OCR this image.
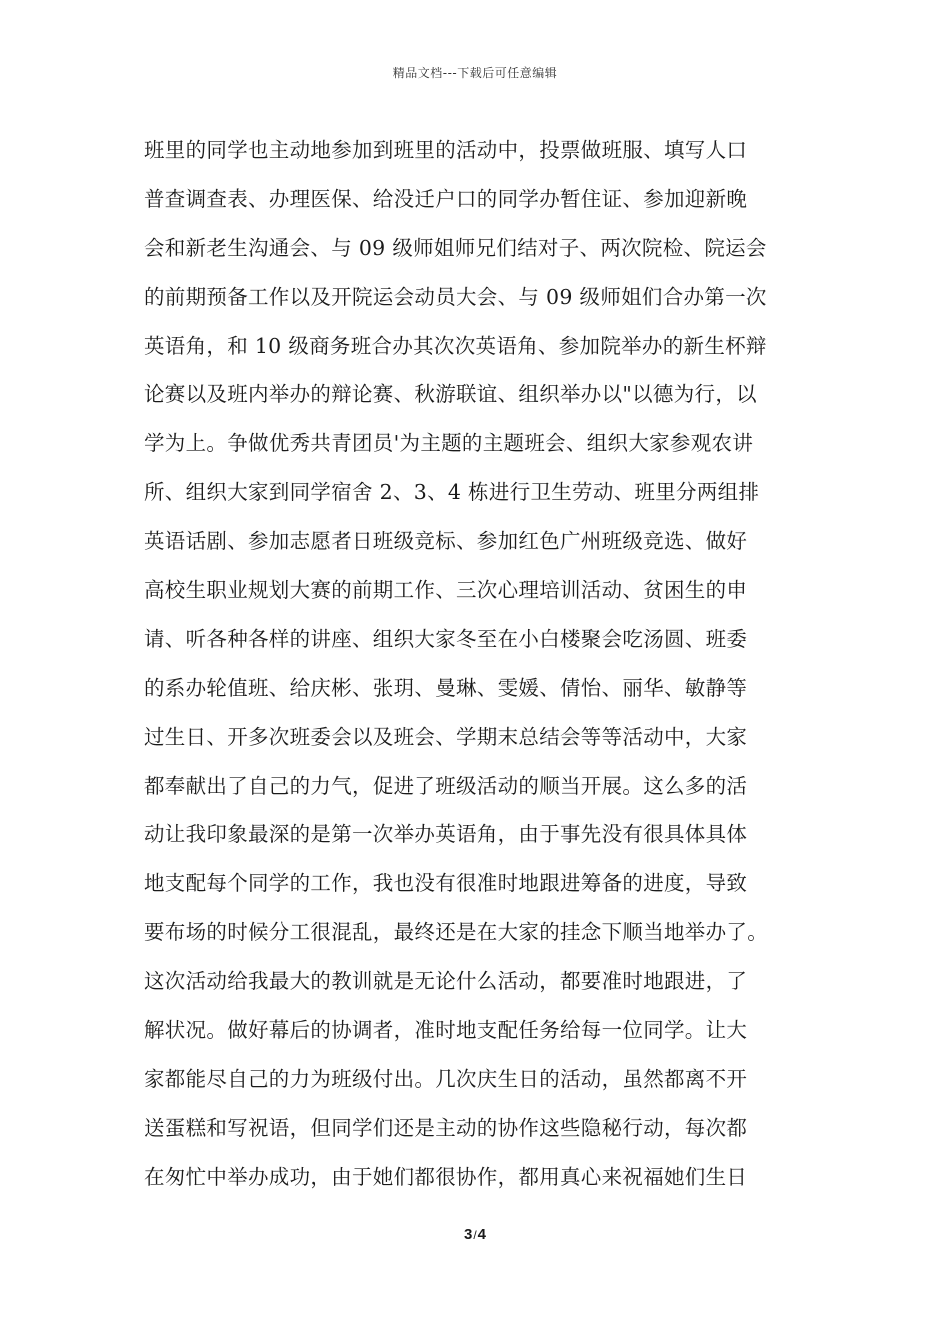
精品文档---下载后可任意编辑
班里的同学也主动地参加到班里的活动中，投票做班服、填写人口
普查调查表、办理医保、给没迁户口的同学办暂住证、参加迎新晚
会和新老生沟通会、与 09 级师姐师兄们结对子、两次院检、院运会
的前期预备工作以及开院运会动员大会、与 09 级师姐们合办第一次
英语角，和 10 级商务班合办其次次英语角、参加院举办的新生杯辩
论赛以及班内举办的辩论赛、秋游联谊、组织举办以"以德为行，以
学为上。争做优秀共青团员'为主题的主题班会、组织大家参观农讲
所、组织大家到同学宿舍 2、3、4 栋进行卫生劳动、班里分两组排
英语话剧、参加志愿者日班级竞标、参加红色广州班级竞选、做好
高校生职业规划大赛的前期工作、三次心理培训活动、贫困生的申
请、听各种各样的讲座、组织大家冬至在小白楼聚会吃汤圆、班委
的系办轮值班、给庆彬、张玥、曼琳、雯媛、倩怡、丽华、敏静等
过生日、开多次班委会以及班会、学期末总结会等等活动中，大家
都奉献出了自己的力气，促进了班级活动的顺当开展。这么多的活
动让我印象最深的是第一次举办英语角，由于事先没有很具体具体
地支配每个同学的工作，我也没有很准时地跟进筹备的进度，导致
要布场的时候分工很混乱，最终还是在大家的挂念下顺当地举办了。
这次活动给我最大的教训就是无论什么活动，都要准时地跟进，了
解状况。做好幕后的协调者，准时地支配任务给每一位同学。让大
家都能尽自己的力为班级付出。几次庆生日的活动，虽然都离不开
送蛋糕和写祝语，但同学们还是主动的协作这些隐秘行动，每次都
在匆忙中举办成功，由于她们都很协作，都用真心来祝福她们生日
3/4
